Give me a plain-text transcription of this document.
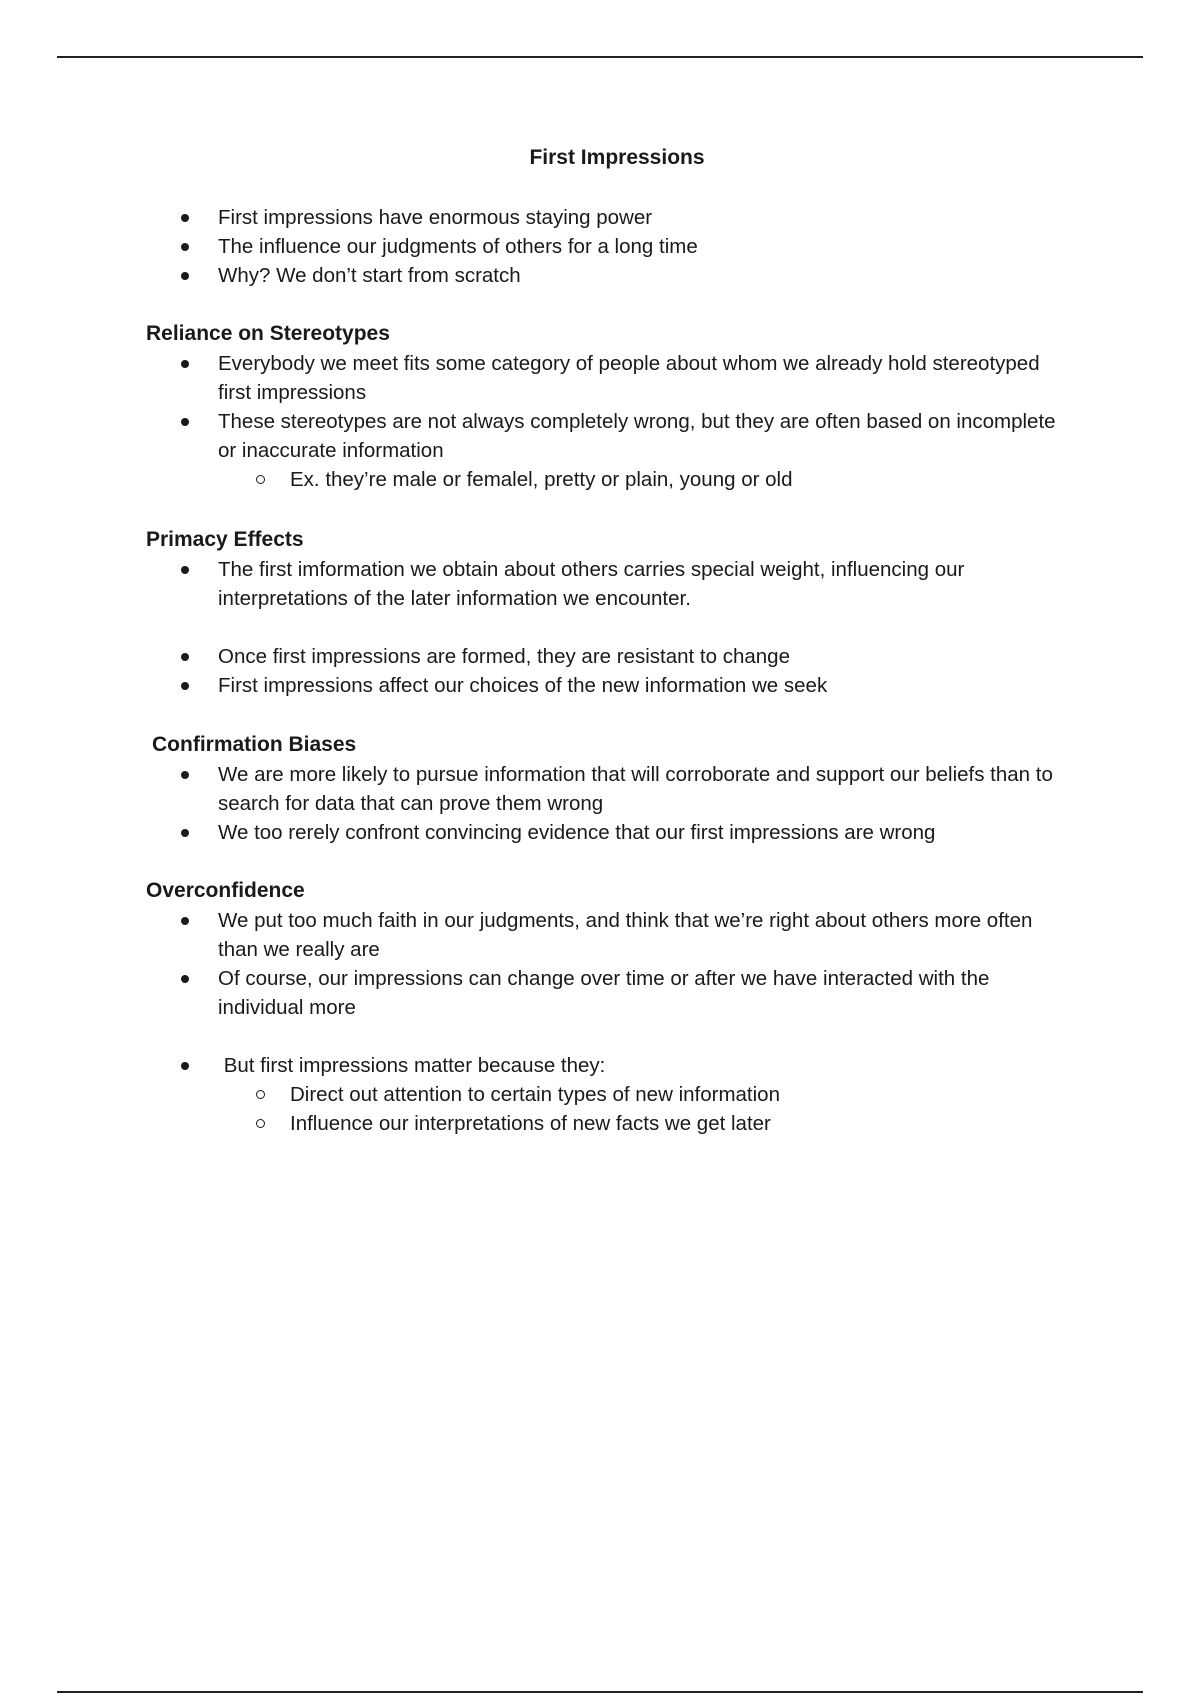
First Impressions
First impressions have enormous staying power
The influence our judgments of others for a long time
Why? We don’t start from scratch
Reliance on Stereotypes
Everybody we meet fits some category of people about whom we already hold stereotyped first impressions
These stereotypes are not always completely wrong, but they are often based on incomplete or inaccurate information
Ex. they’re male or femalel, pretty or plain, young or old
Primacy Effects
The first imformation we obtain about others carries special weight, influencing our interpretations of the later information we encounter.
Once first impressions are formed, they are resistant to change
First impressions affect our choices of the new information we seek
Confirmation Biases
We are more likely to pursue information that will corroborate and support our beliefs than to search for data that can prove them wrong
We too rerely confront convincing evidence that our first impressions are wrong
Overconfidence
We put too much faith in our judgments, and think that we’re right about others more often than we really are
Of course, our impressions can change over time or after we have interacted with the individual more
But first impressions matter because they:
Direct out attention to certain types of new information
Influence our interpretations of new facts we get later
